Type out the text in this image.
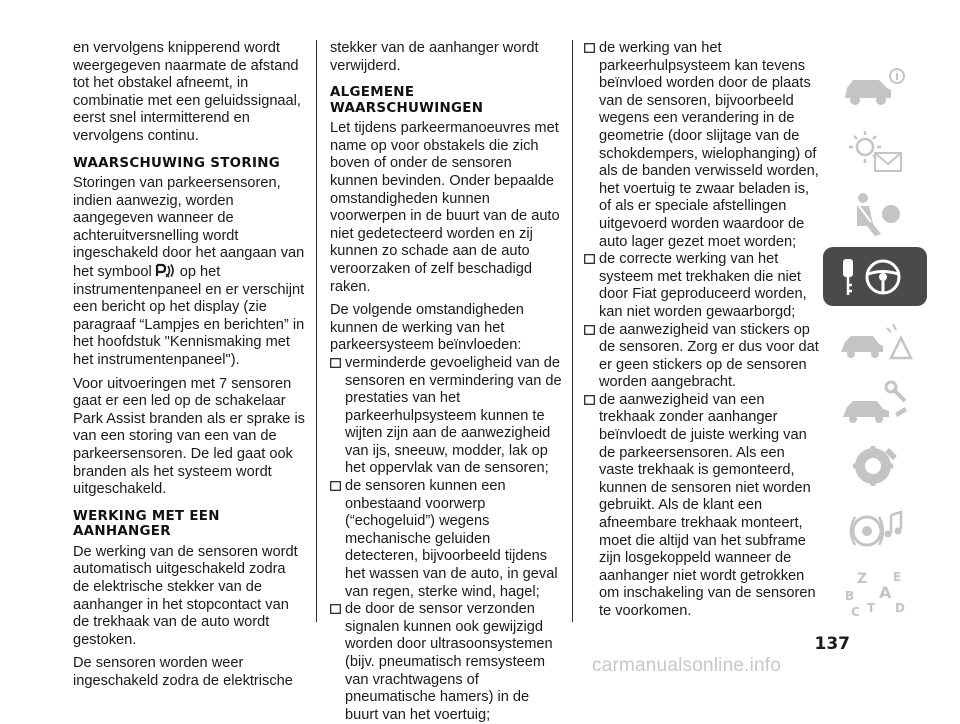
en vervolgens knipperend wordt weergegeven naarmate de afstand tot het obstakel afneemt, in combinatie met een geluidssignaal, eerst snel intermitterend en vervolgens continu.

WAARSCHUWING STORING

Storingen van parkeersensoren, indien aanwezig, worden aangegeven wanneer de achteruitversnelling wordt ingeschakeld door het aangaan van het symbool op het instrumentenpaneel en er verschijnt een bericht op het display (zie paragraaf “Lampjes en berichten” in het hoofdstuk "Kennismaking met het instrumentenpaneel").

Voor uitvoeringen met 7 sensoren gaat er een led op de schakelaar Park Assist branden als er sprake is van een storing van een van de parkeersensoren. De led gaat ook branden als het systeem wordt uitgeschakeld.

WERKING MET EEN AANHANGER

De werking van de sensoren wordt automatisch uitgeschakeld zodra de elektrische stekker van de aanhanger in het stopcontact van de trekhaak van de auto wordt gestoken.

De sensoren worden weer ingeschakeld zodra de elektrische

stekker van de aanhanger wordt verwijderd.

ALGEMENE WAARSCHUWINGEN

Let tijdens parkeermanoeuvres met name op voor obstakels die zich boven of onder de sensoren kunnen bevinden. Onder bepaalde omstandigheden kunnen voorwerpen in de buurt van de auto niet gedetecteerd worden en zij kunnen zo schade aan de auto veroorzaken of zelf beschadigd raken.

De volgende omstandigheden kunnen de werking van het parkeersysteem beïnvloeden:

verminderde gevoeligheid van de sensoren en vermindering van de prestaties van het parkeerhulpsysteem kunnen te wijten zijn aan de aanwezigheid van ijs, sneeuw, modder, lak op het oppervlak van de sensoren;
de sensoren kunnen een onbestaand voorwerp (“echogeluid”) wegens mechanische geluiden detecteren, bijvoorbeeld tijdens het wassen van de auto, in geval van regen, sterke wind, hagel;
de door de sensor verzonden signalen kunnen ook gewijzigd worden door ultrasoonsystemen (bijv. pneumatisch remsysteem van vrachtwagens of pneumatische hamers) in de buurt van het voertuig;
de werking van het parkeerhulpsysteem kan tevens beïnvloed worden door de plaats van de sensoren, bijvoorbeeld wegens een verandering in de geometrie (door slijtage van de schokdempers, wielophanging) of als de banden verwisseld worden, het voertuig te zwaar beladen is, of als er speciale afstellingen uitgevoerd worden waardoor de auto lager gezet moet worden;
de correcte werking van het systeem met trekhaken die niet door Fiat geproduceerd worden, kan niet worden gewaarborgd;
de aanwezigheid van stickers op de sensoren. Zorg er dus voor dat er geen stickers op de sensoren worden aangebracht.
de aanwezigheid van een trekhaak zonder aanhanger beïnvloedt de juiste werking van de parkeersensoren. Als een vaste trekhaak is gemonteerd, kunnen de sensoren niet worden gebruikt. Als de klant een afneembare trekhaak monteert, moet die altijd van het subframe zijn losgekoppeld wanneer de aanhanger niet wordt getrokken om inschakeling van de sensoren te voorkomen.
Z E
A
B
C T D
137
carmanualsonline.info
